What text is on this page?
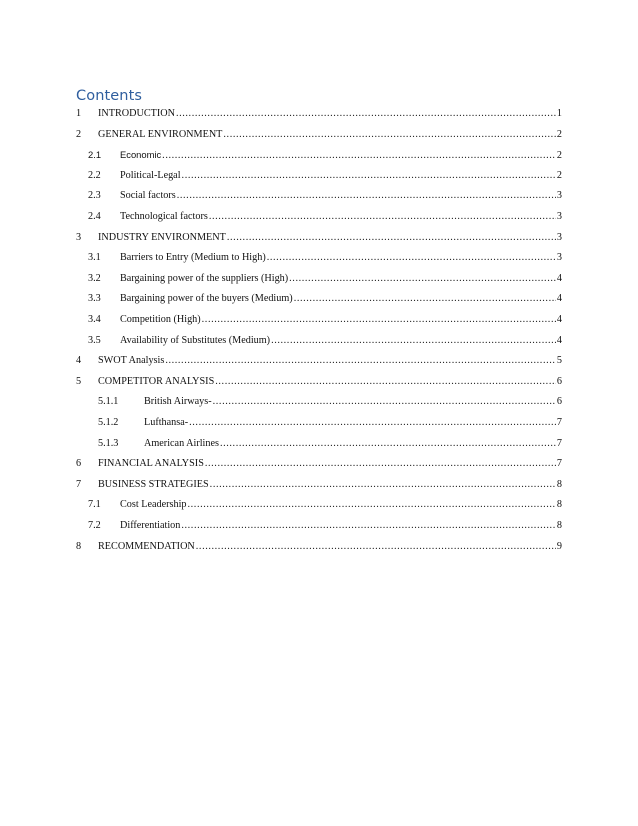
Contents
1 INTRODUCTION .....	1
2 GENERAL ENVIRONMENT .....	2
2.1 Economic .....	2
2.2 Political-Legal .....	2
2.3 Social factors .....	3
2.4 Technological factors .....	3
3 INDUSTRY ENVIRONMENT .....	3
3.1 Barriers to Entry (Medium to High) .....	3
3.2 Bargaining power of the suppliers (High) .....	4
3.3 Bargaining power of the buyers (Medium) .....	4
3.4 Competition (High) .....	4
3.5 Availability of Substitutes (Medium) .....	4
4 SWOT Analysis .....	5
5 COMPETITOR ANALYSIS .....	6
5.1.1	British Airways- .....	6
5.1.2	Lufthansa- .....	7
5.1.3	American Airlines .....	7
6 FINANCIAL ANALYSIS .....	7
7 BUSINESS STRATEGIES .....	8
7.1 Cost Leadership .....	8
7.2 Differentiation .....	8
8 RECOMMENDATION .....	9
